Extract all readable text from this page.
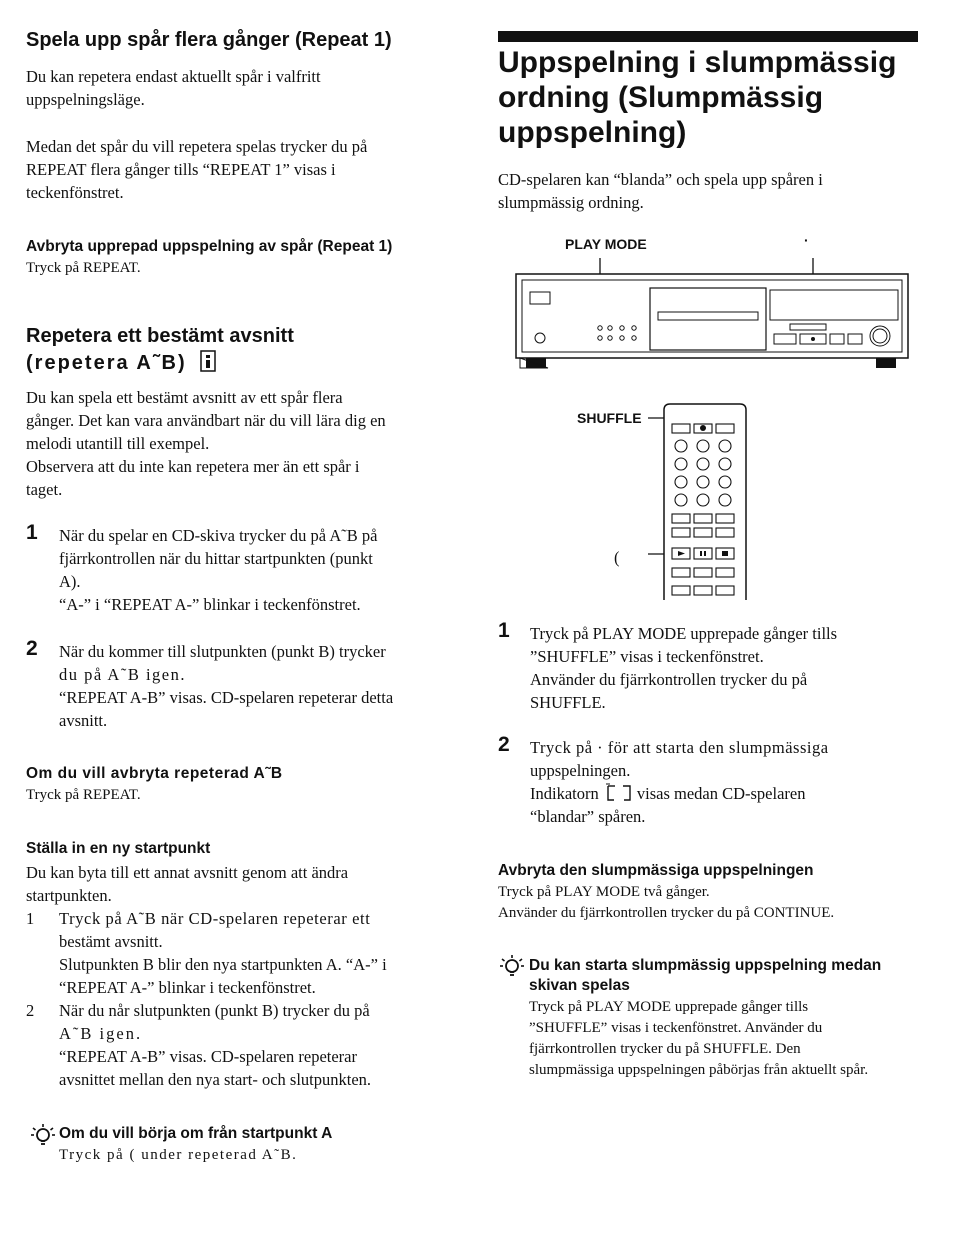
Spela upp spår flera gånger (Repeat 1)
Du kan repetera endast aktuellt spår i valfritt
uppspelningsläge.
Medan det spår du vill repetera spelas trycker du på
REPEAT flera gånger tills “REPEAT 1” visas i
teckenfönstret.
Avbryta upprepad uppspelning av spår (Repeat 1)
Tryck på REPEAT.
Repetera ett bestämt avsnitt
(repetera A˜B)
Du kan spela ett bestämt avsnitt av ett spår flera
gånger. Det kan vara användbart när du vill lära dig en
melodi utantill till exempel.
Observera att du inte kan repetera mer än ett spår i
taget.
1 När du spelar en CD-skiva trycker du på A˜B på
fjärrkontrollen när du hittar startpunkten (punkt
A).
“A-” i “REPEAT A-” blinkar i teckenfönstret.
2 När du kommer till slutpunkten (punkt B) trycker
du på A˜B igen.
“REPEAT A-B” visas. CD-spelaren repeterar detta
avsnitt.
Om du vill avbryta repeterad A˜B
Tryck på REPEAT.
Ställa in en ny startpunkt
Du kan byta till ett annat avsnitt genom att ändra
startpunkten.
1 Tryck på A˜B när CD-spelaren repeterar ett
bestämt avsnitt.
Slutpunkten B blir den nya startpunkten A. “A-” i
“REPEAT A-” blinkar i teckenfönstret.
2 När du når slutpunkten (punkt B) trycker du på
A˜B igen.
“REPEAT A-B” visas. CD-spelaren repeterar
avsnittet mellan den nya start- och slutpunkten.
Om du vill börja om från startpunkt A
Tryck på ( under repeterad A˜B.
Uppspelning i slumpmässig
ordning (Slumpmässig
uppspelning)
CD-spelaren kan “blanda” och spela upp spåren i
slumpmässig ordning.
PLAY MODE	·
SHUFFLE
(
1 Tryck på PLAY MODE upprepade gånger tills
”SHUFFLE” visas i teckenfönstret.
Använder du fjärrkontrollen trycker du på
SHUFFLE.
2 Tryck på · för att starta den slumpmässiga
uppspelningen.
Indikatorn visas medan CD-spelaren
“blandar” spåren.
Avbryta den slumpmässiga uppspelningen
Tryck på PLAY MODE två gånger.
Använder du fjärrkontrollen trycker du på CONTINUE.
Du kan starta slumpmässig uppspelning medan
skivan spelas
Tryck på PLAY MODE upprepade gånger tills
”SHUFFLE” visas i teckenfönstret. Använder du
fjärrkontrollen trycker du på SHUFFLE. Den
slumpmässiga uppspelningen påbörjas från aktuellt spår.
